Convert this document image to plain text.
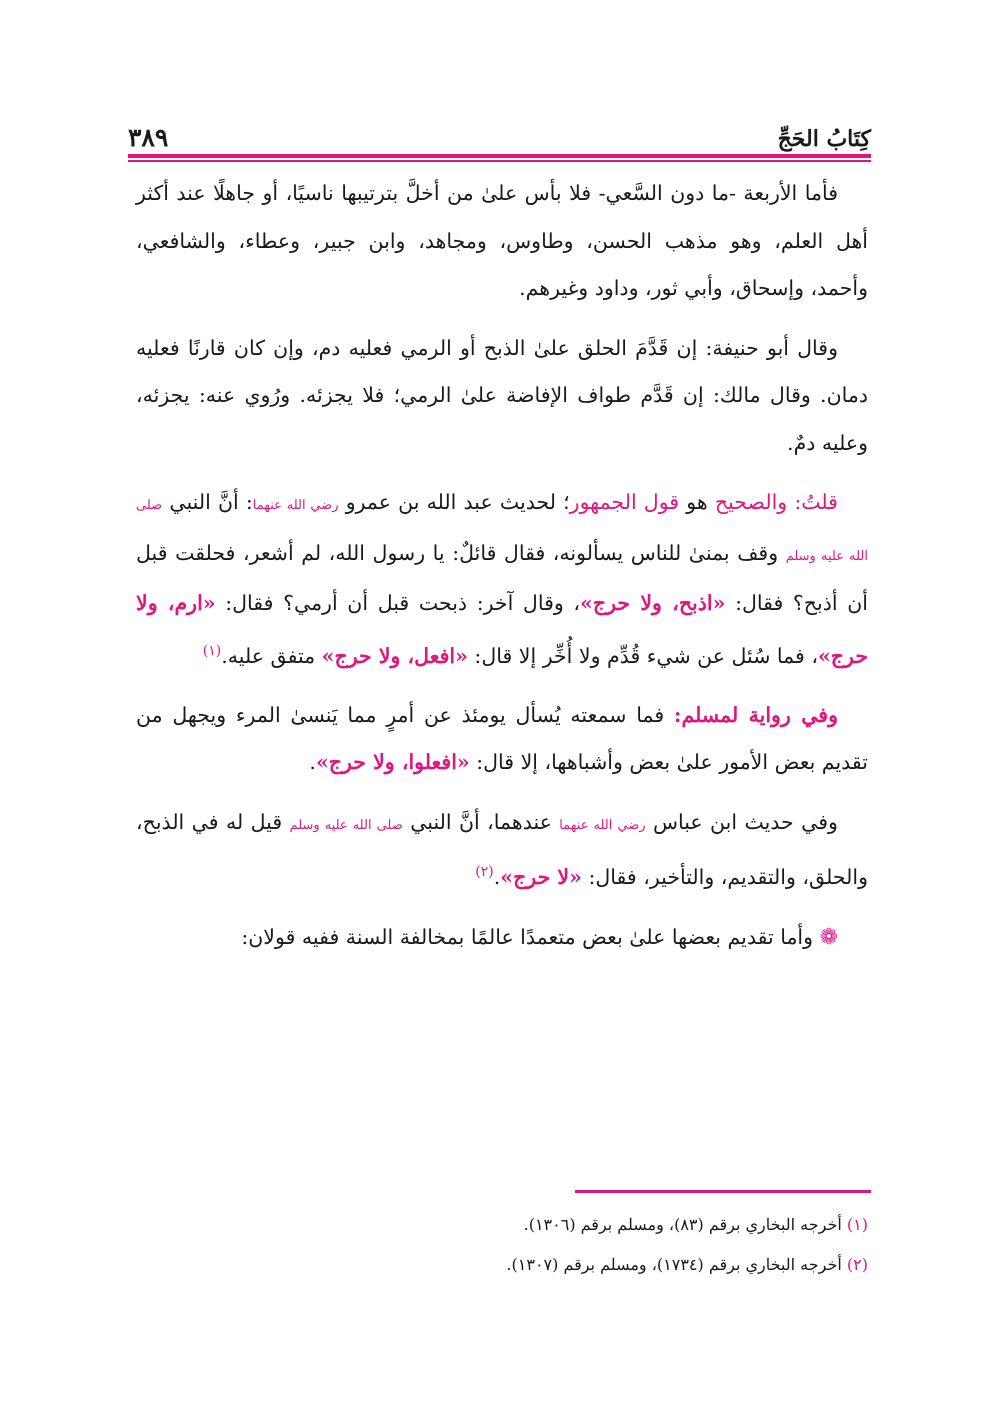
كِتَابُ الحَجِّ
٣٨٩

فأما الأربعة -ما دون السَّعي- فلا بأس علىٰ من أخلَّ بترتيبها ناسيًا، أو جاهلًا عند أكثر أهل العلم، وهو مذهب الحسن، وطاوس، ومجاهد، وابن جبير، وعطاء، والشافعي، وأحمد، وإسحاق، وأبي ثور، وداود وغيرهم.

وقال أبو حنيفة: إن قَدَّمَ الحلق علىٰ الذبح أو الرمي فعليه دم، وإن كان قارنًا فعليه دمان. وقال مالك: إن قَدَّم طواف الإفاضة علىٰ الرمي؛ فلا يجزئه. ورُوي عنه: يجزئه، وعليه دمٌ.

قلتُ: والصحيح هو قول الجمهور؛ لحديث عبد الله بن عمرو رضي الله عنهما: أنَّ النبي صلى الله عليه وسلم وقف بمنىٰ للناس يسألونه، فقال قائلٌ: يا رسول الله، لم أشعر، فحلقت قبل أن أذبح؟ فقال: «اذبح، ولا حرج»، وقال آخر: ذبحت قبل أن أرمي؟ فقال: «ارم، ولا حرج»، فما سُئل عن شيء قُدِّم ولا أُخِّر إلا قال: «افعل، ولا حرج» متفق عليه.$^{(١)}$

وفي رواية لمسلم: فما سمعته يُسأل يومئذ عن أمرٍ مما يَنسىٰ المرء ويجهل من تقديم بعض الأمور علىٰ بعض وأشباهها، إلا قال: «افعلوا، ولا حرج».

وفي حديث ابن عباس رضي الله عنهما عندهما، أنَّ النبي صلى الله عليه وسلم قيل له في الذبح، والحلق، والتقديم، والتأخير، فقال: «لا حرج».$^{(٢)}$

❁ وأما تقديم بعضها علىٰ بعض متعمدًا عالمًا بمخالفة السنة ففيه قولان:

(١) أخرجه البخاري برقم (٨٣)، ومسلم برقم (١٣٠٦).

(٢) أخرجه البخاري برقم (١٧٣٤)، ومسلم برقم (١٣٠٧).
